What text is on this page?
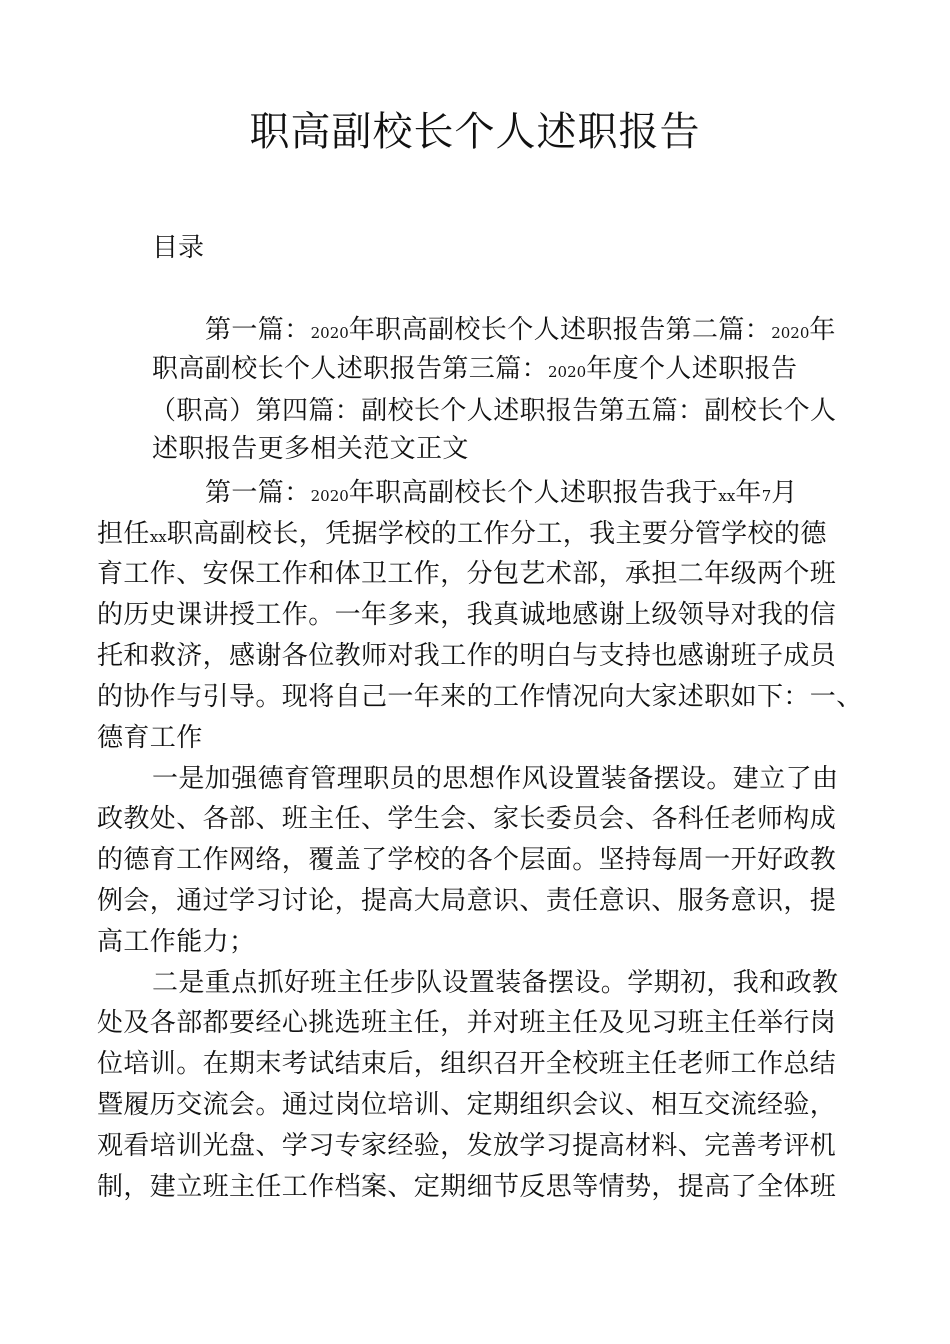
职高副校长个人述职报告
目录
第一篇：2020年职高副校长个人述职报告第二篇：2020年
职高副校长个人述职报告第三篇：2020年度个人述职报告
（职高）第四篇：副校长个人述职报告第五篇：副校长个人
述职报告更多相关范文正文
第一篇：2020年职高副校长个人述职报告我于xx年7月
担任xx职高副校长，凭据学校的工作分工，我主要分管学校的德
育工作、安保工作和体卫工作，分包艺术部，承担二年级两个班
的历史课讲授工作。一年多来，我真诚地感谢上级领导对我的信
托和救济，感谢各位教师对我工作的明白与支持也感谢班子成员
的协作与引导。现将自己一年来的工作情况向大家述职如下：一、
德育工作
一是加强德育管理职员的思想作风设置装备摆设。建立了由
政教处、各部、班主任、学生会、家长委员会、各科任老师构成
的德育工作网络，覆盖了学校的各个层面。坚持每周一开好政教
例会，通过学习讨论，提高大局意识、责任意识、服务意识，提
高工作能力；
二是重点抓好班主任步队设置装备摆设。学期初，我和政教
处及各部都要经心挑选班主任，并对班主任及见习班主任举行岗
位培训。在期末考试结束后，组织召开全校班主任老师工作总结
暨履历交流会。通过岗位培训、定期组织会议、相互交流经验，
观看培训光盘、学习专家经验，发放学习提高材料、完善考评机
制，建立班主任工作档案、定期细节反思等情势，提高了全体班
